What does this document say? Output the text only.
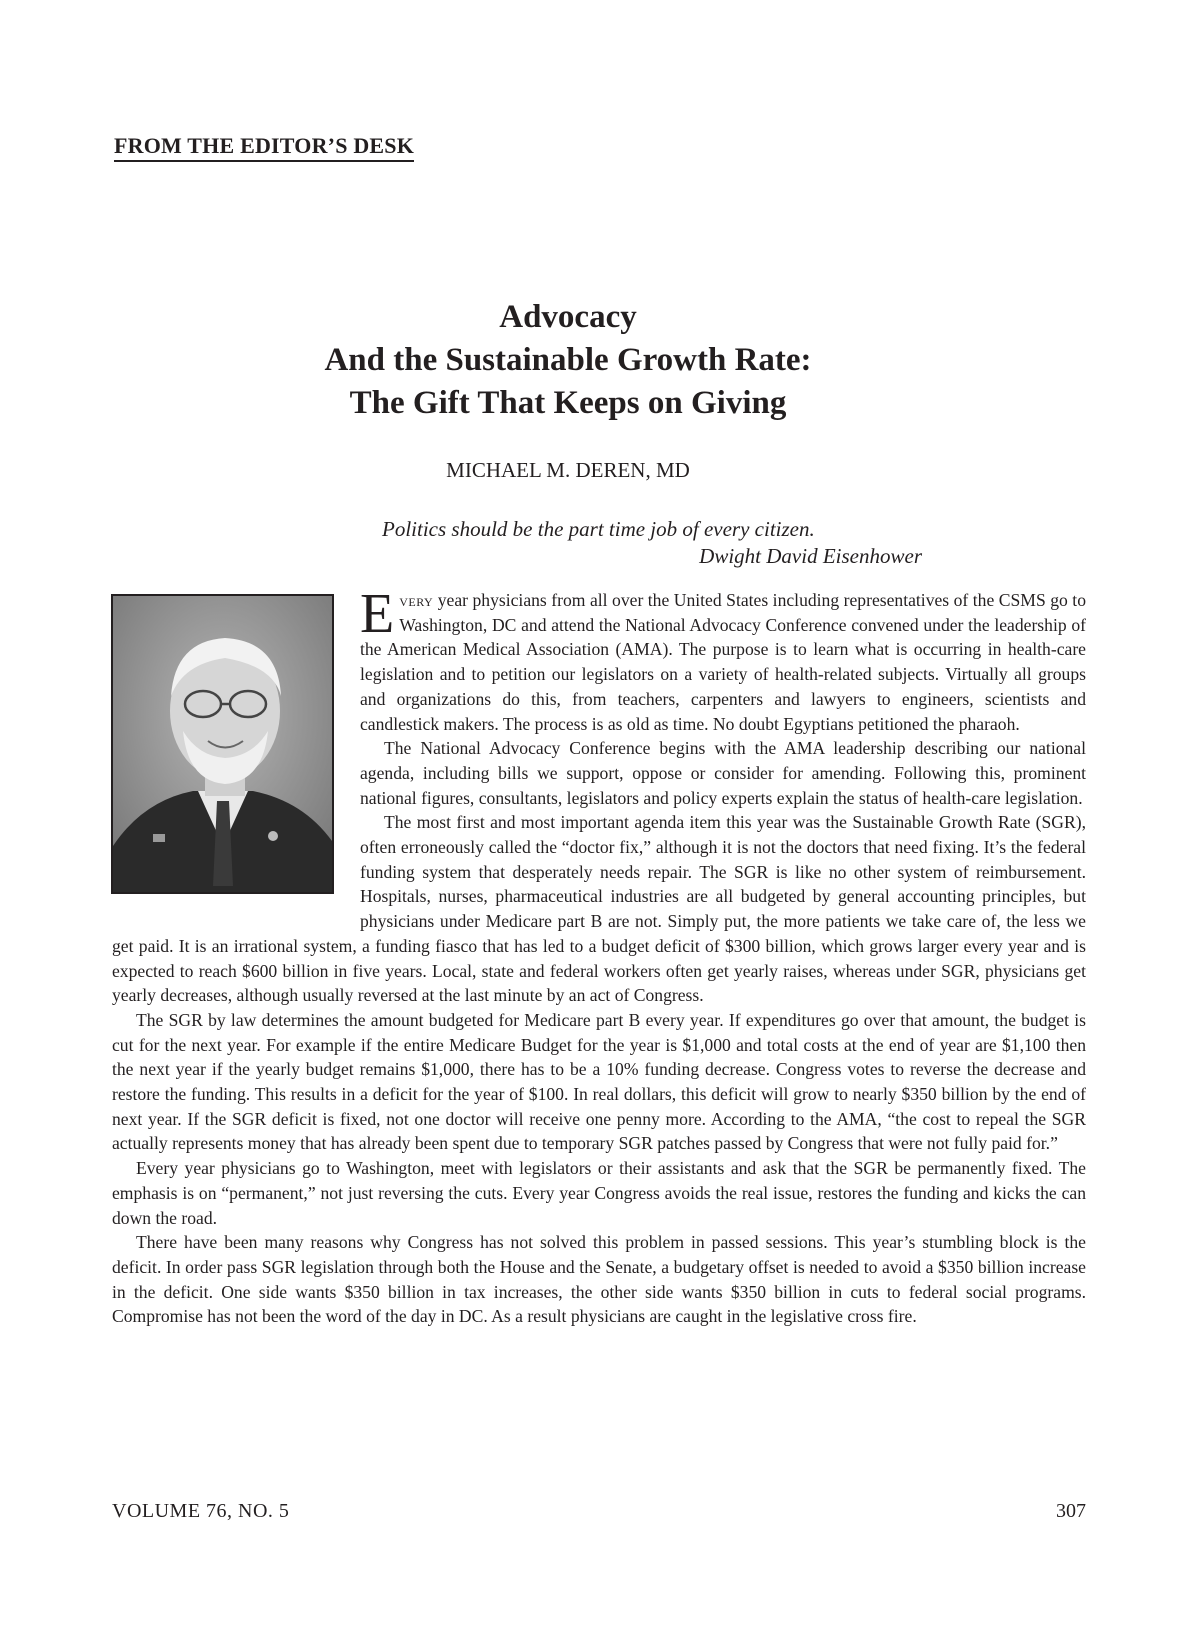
FROM THE EDITOR’S DESK
Advocacy
And the Sustainable Growth Rate:
The Gift That Keeps on Giving
MICHAEL M. DEREN, MD
Politics should be the part time job of every citizen.
Dwight David Eisenhower

Every year physicians from all over the United States including representatives of the CSMS go to Washington, DC and attend the National Advocacy Conference convened under the leadership of the American Medical Association (AMA). The purpose is to learn what is occurring in health-care legislation and to petition our legislators on a variety of health-related subjects. Virtually all groups and organizations do this, from teachers, carpenters and lawyers to engineers, scientists and candlestick makers. The process is as old as time. No doubt Egyptians petitioned the pharaoh.

The National Advocacy Conference begins with the AMA leadership describing our national agenda, including bills we support, oppose or consider for amending. Following this, prominent national figures, consultants, legislators and policy experts explain the status of health-care legislation.

The most first and most important agenda item this year was the Sustainable Growth Rate (SGR), often erroneously called the “doctor fix,” although it is not the doctors that need fixing. It’s the federal funding system that desperately needs repair. The SGR is like no other system of reimbursement. Hospitals, nurses, pharmaceutical industries are all budgeted by general accounting principles, but physicians under Medicare part B are not. Simply put, the more patients we take care of, the less we get paid. It is an irrational system, a funding fiasco that has led to a budget deficit of $300 billion, which grows larger every year and is expected to reach $600 billion in five years. Local, state and federal workers often get yearly raises, whereas under SGR, physicians get yearly decreases, although usually reversed at the last minute by an act of Congress.

The SGR by law determines the amount budgeted for Medicare part B every year. If expenditures go over that amount, the budget is cut for the next year. For example if the entire Medicare Budget for the year is $1,000 and total costs at the end of year are $1,100 then the next year if the yearly budget remains $1,000, there has to be a 10% funding decrease. Congress votes to reverse the decrease and restore the funding. This results in a deficit for the year of $100. In real dollars, this deficit will grow to nearly $350 billion by the end of next year. If the SGR deficit is fixed, not one doctor will receive one penny more. According to the AMA, “the cost to repeal the SGR actually represents money that has already been spent due to temporary SGR patches passed by Congress that were not fully paid for.”

Every year physicians go to Washington, meet with legislators or their assistants and ask that the SGR be permanently fixed. The emphasis is on “permanent,” not just reversing the cuts. Every year Congress avoids the real issue, restores the funding and kicks the can down the road.

There have been many reasons why Congress has not solved this problem in passed sessions. This year’s stumbling block is the deficit. In order pass SGR legislation through both the House and the Senate, a budgetary offset is needed to avoid a $350 billion increase in the deficit. One side wants $350 billion in tax increases, the other side wants $350 billion in cuts to federal social programs. Compromise has not been the word of the day in DC. As a result physicians are caught in the legislative cross fire.

VOLUME 76, NO. 5	307
